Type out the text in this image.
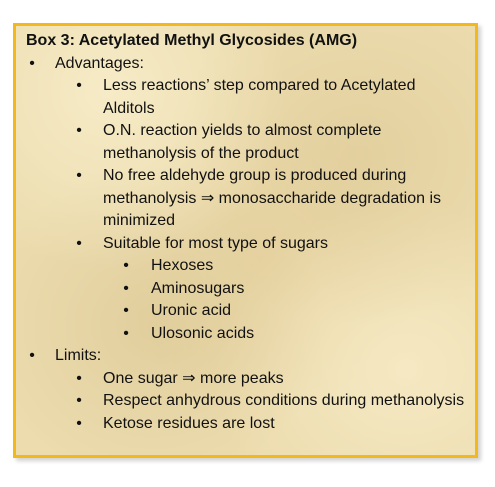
Box 3: Acetylated Methyl Glycosides (AMG)
• Advantages:
• Less reactions’ step compared to Acetylated Alditols
• O.N. reaction yields to almost complete methanolysis of the product
• No free aldehyde group is produced during methanolysis ⇒ monosaccharide degradation is minimized
• Suitable for most type of sugars
• Hexoses
• Aminosugars
• Uronic acid
• Ulosonic acids
• Limits:
• One sugar ⇒ more peaks
• Respect anhydrous conditions during methanolysis
• Ketose residues are lost
